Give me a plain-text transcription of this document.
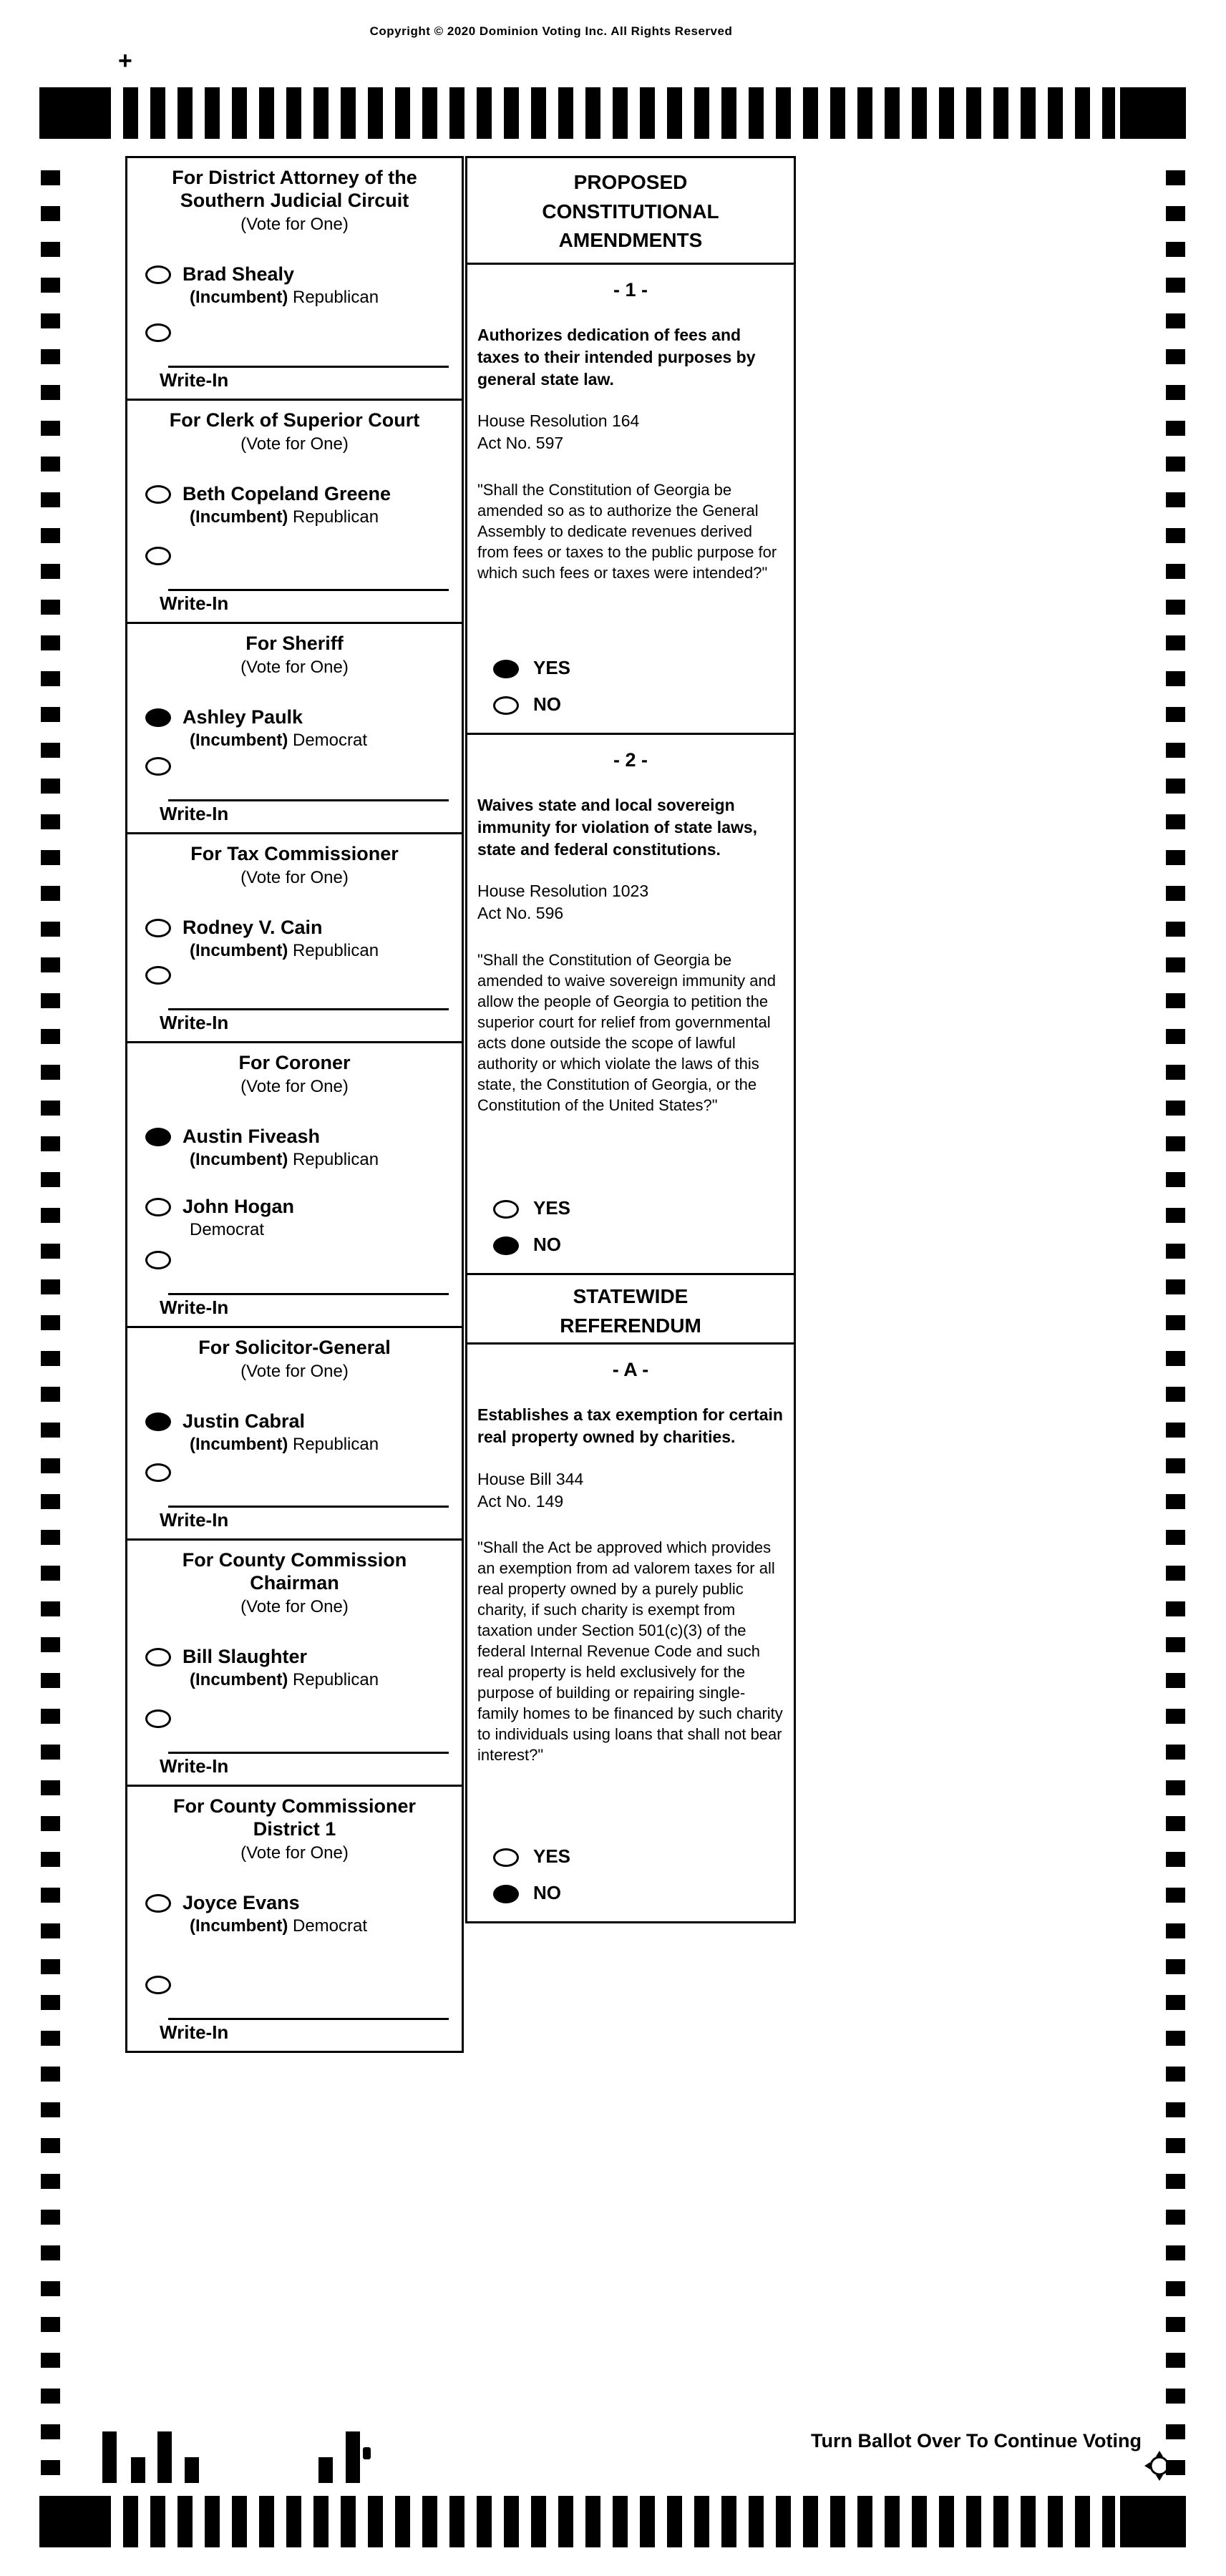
Copyright © 2020 Dominion Voting Inc. All Rights Reserved
+
For District Attorney of the
Southern Judicial Circuit
(Vote for One)
Brad Shealy
(Incumbent) Republican
Write-In
For Clerk of Superior Court
(Vote for One)
Beth Copeland Greene
(Incumbent) Republican
Write-In
For Sheriff
(Vote for One)
Ashley Paulk
(Incumbent) Democrat
Write-In
For Tax Commissioner
(Vote for One)
Rodney V. Cain
(Incumbent) Republican
Write-In
For Coroner
(Vote for One)
Austin Fiveash
(Incumbent) Republican
John Hogan
Democrat
Write-In
For Solicitor-General
(Vote for One)
Justin Cabral
(Incumbent) Republican
Write-In
For County Commission
Chairman
(Vote for One)
Bill Slaughter
(Incumbent) Republican
Write-In
For County Commissioner
District 1
(Vote for One)
Joyce Evans
(Incumbent) Democrat
Write-In
PROPOSED
CONSTITUTIONAL
AMENDMENTS
- 1 -
Authorizes dedication of fees and taxes to their intended purposes by general state law.
House Resolution 164
Act No. 597
"Shall the Constitution of Georgia be amended so as to authorize the General Assembly to dedicate revenues derived from fees or taxes to the public purpose for which such fees or taxes were intended?"
YES
NO
- 2 -
Waives state and local sovereign immunity for violation of state laws, state and federal constitutions.
House Resolution 1023
Act No. 596
"Shall the Constitution of Georgia be amended to waive sovereign immunity and allow the people of Georgia to petition the superior court for relief from governmental acts done outside the scope of lawful authority or which violate the laws of this state, the Constitution of Georgia, or the Constitution of the United States?"
YES
NO
STATEWIDE
REFERENDUM
- A -
Establishes a tax exemption for certain real property owned by charities.
House Bill 344
Act No. 149
"Shall the Act be approved which provides an exemption from ad valorem taxes for all real property owned by a purely public charity, if such charity is exempt from taxation under Section 501(c)(3) of the federal Internal Revenue Code and such real property is held exclusively for the purpose of building or repairing single-family homes to be financed by such charity to individuals using loans that shall not bear interest?"
YES
NO
Turn Ballot Over To Continue Voting
